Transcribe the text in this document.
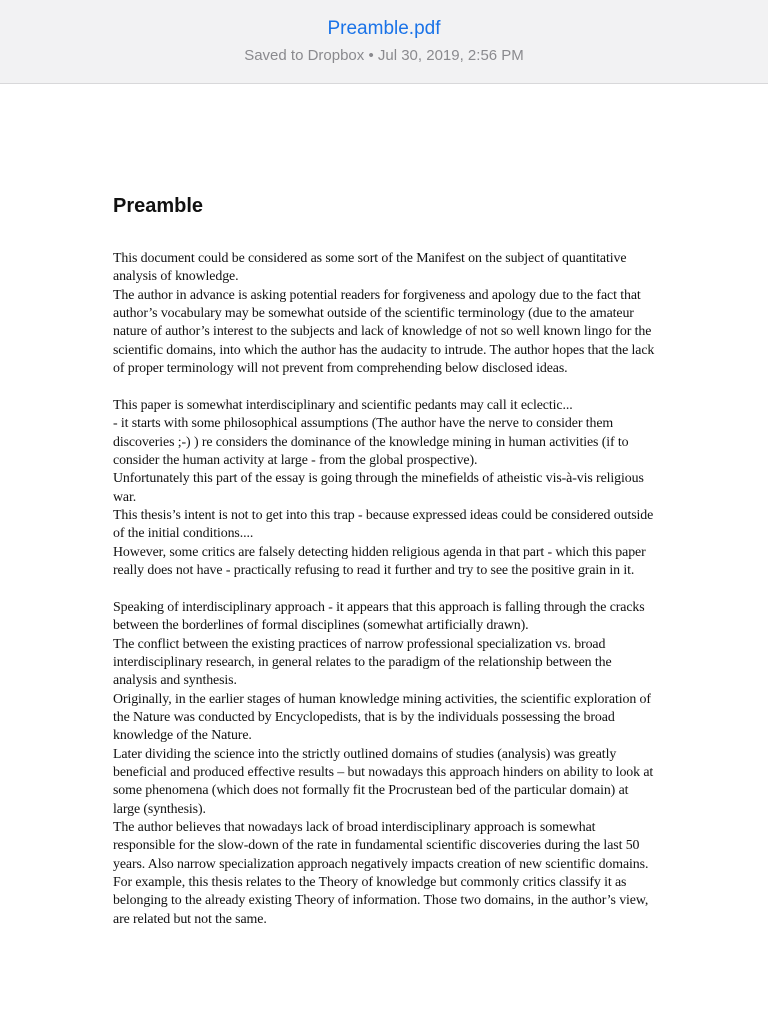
Preamble.pdf
Saved to Dropbox • Jul 30, 2019, 2:56 PM
Preamble

This document could be considered as some sort of the Manifest on the subject of quantitative analysis of knowledge.

The author in advance is asking potential readers for forgiveness and apology due to the fact that author’s vocabulary may be somewhat outside of the scientific terminology (due to the amateur nature of author’s interest to the subjects and lack of knowledge of not so well known lingo for the scientific domains, into which the author has the audacity to intrude. The author hopes that the lack of proper terminology will not prevent from comprehending below disclosed ideas.

This paper is somewhat interdisciplinary and scientific pedants may call it eclectic...

- it starts with some philosophical assumptions (The author have the nerve to consider them discoveries ;-) ) re considers the dominance of the knowledge mining in human activities (if to consider the human activity at large - from the global prospective).

Unfortunately this part of the essay is going through the minefields of atheistic vis-à-vis religious war.

This thesis’s intent is not to get into this trap - because expressed ideas could be considered outside of the initial conditions....

However, some critics are falsely detecting hidden religious agenda in that part - which this paper really does not have - practically refusing to read it further and try to see the positive grain in it.

Speaking of interdisciplinary approach - it appears that this approach is falling through the cracks between the borderlines of formal disciplines (somewhat artificially drawn).

The conflict between the existing practices of narrow professional specialization vs. broad interdisciplinary research, in general relates to the paradigm of the relationship between the analysis and synthesis.

Originally, in the earlier stages of human knowledge mining activities, the scientific exploration of the Nature was conducted by Encyclopedists, that is by the individuals possessing the broad knowledge of the Nature.

Later dividing the science into the strictly outlined domains of studies (analysis) was greatly beneficial and produced effective results – but nowadays this approach hinders on ability to look at some phenomena (which does not formally fit the Procrustean bed of the particular domain) at large (synthesis).

The author believes that nowadays lack of broad interdisciplinary approach is somewhat responsible for the slow-down of the rate in fundamental scientific discoveries during the last 50 years. Also narrow specialization approach negatively impacts creation of new scientific domains. For example, this thesis relates to the Theory of knowledge but commonly critics classify it as belonging to the already existing Theory of information. Those two domains, in the author’s view, are related but not the same.
